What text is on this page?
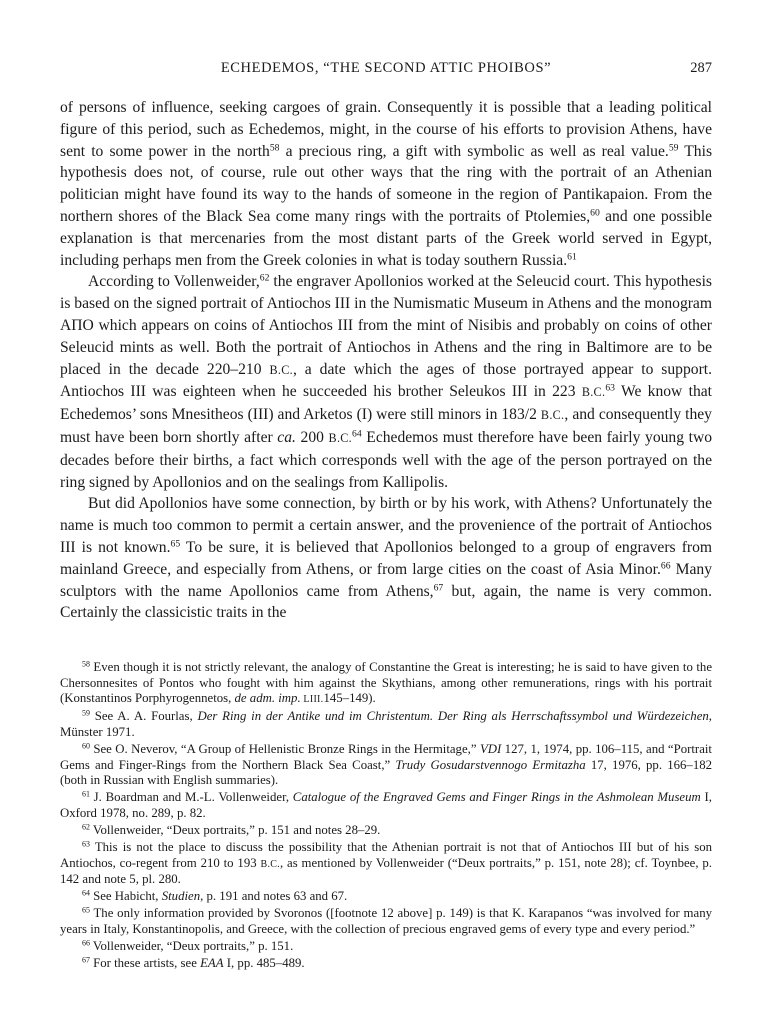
ECHEDEMOS, “THE SECOND ATTIC PHOIBOS”	287

of persons of influence, seeking cargoes of grain. Consequently it is possible that a leading political figure of this period, such as Echedemos, might, in the course of his efforts to provision Athens, have sent to some power in the north$^{58}$ a precious ring, a gift with symbolic as well as real value.$^{59}$ This hypothesis does not, of course, rule out other ways that the ring with the portrait of an Athenian politician might have found its way to the hands of someone in the region of Pantikapaion. From the northern shores of the Black Sea come many rings with the portraits of Ptolemies,$^{60}$ and one possible explanation is that mercenaries from the most distant parts of the Greek world served in Egypt, including perhaps men from the Greek colonies in what is today southern Russia.$^{61}$

According to Vollenweider,$^{62}$ the engraver Apollonios worked at the Seleucid court. This hypothesis is based on the signed portrait of Antiochos III in the Numismatic Museum in Athens and the monogram ΑΠΟ which appears on coins of Antiochos III from the mint of Nisibis and probably on coins of other Seleucid mints as well. Both the portrait of Antiochos in Athens and the ring in Baltimore are to be placed in the decade 220–210 B.C., a date which the ages of those portrayed appear to support. Antiochos III was eighteen when he succeeded his brother Seleukos III in 223 B.C.$^{63}$ We know that Echedemos’ sons Mnesitheos (III) and Arketos (I) were still minors in 183/2 B.C., and consequently they must have been born shortly after ca. 200 B.C.$^{64}$ Echedemos must therefore have been fairly young two decades before their births, a fact which corresponds well with the age of the person portrayed on the ring signed by Apollonios and on the sealings from Kallipolis.

But did Apollonios have some connection, by birth or by his work, with Athens? Unfortunately the name is much too common to permit a certain answer, and the provenience of the portrait of Antiochos III is not known.$^{65}$ To be sure, it is believed that Apollonios belonged to a group of engravers from mainland Greece, and especially from Athens, or from large cities on the coast of Asia Minor.$^{66}$ Many sculptors with the name Apollonios came from Athens,$^{67}$ but, again, the name is very common. Certainly the classicistic traits in the

$^{58}$ Even though it is not strictly relevant, the analogy of Constantine the Great is interesting; he is said to have given to the Chersonnesites of Pontos who fought with him against the Skythians, among other remunerations, rings with his portrait (Konstantinos Porphyrogennetos, de adm. imp. LIII.145–149).

$^{59}$ See A. A. Fourlas, Der Ring in der Antike und im Christentum. Der Ring als Herrschaftssymbol und Würdezeichen, Münster 1971.

$^{60}$ See O. Neverov, “A Group of Hellenistic Bronze Rings in the Hermitage,” VDI 127, 1, 1974, pp. 106–115, and “Portrait Gems and Finger-Rings from the Northern Black Sea Coast,” Trudy Gosudarstvennogo Ermitazha 17, 1976, pp. 166–182 (both in Russian with English summaries).

$^{61}$ J. Boardman and M.-L. Vollenweider, Catalogue of the Engraved Gems and Finger Rings in the Ashmolean Museum I, Oxford 1978, no. 289, p. 82.

$^{62}$ Vollenweider, “Deux portraits,” p. 151 and notes 28–29.

$^{63}$ This is not the place to discuss the possibility that the Athenian portrait is not that of Antiochos III but of his son Antiochos, co-regent from 210 to 193 B.C., as mentioned by Vollenweider (“Deux portraits,” p. 151, note 28); cf. Toynbee, p. 142 and note 5, pl. 280.

$^{64}$ See Habicht, Studien, p. 191 and notes 63 and 67.

$^{65}$ The only information provided by Svoronos ([footnote 12 above] p. 149) is that K. Karapanos “was involved for many years in Italy, Konstantinopolis, and Greece, with the collection of precious engraved gems of every type and every period.”

$^{66}$ Vollenweider, “Deux portraits,” p. 151.

$^{67}$ For these artists, see EAA I, pp. 485–489.
